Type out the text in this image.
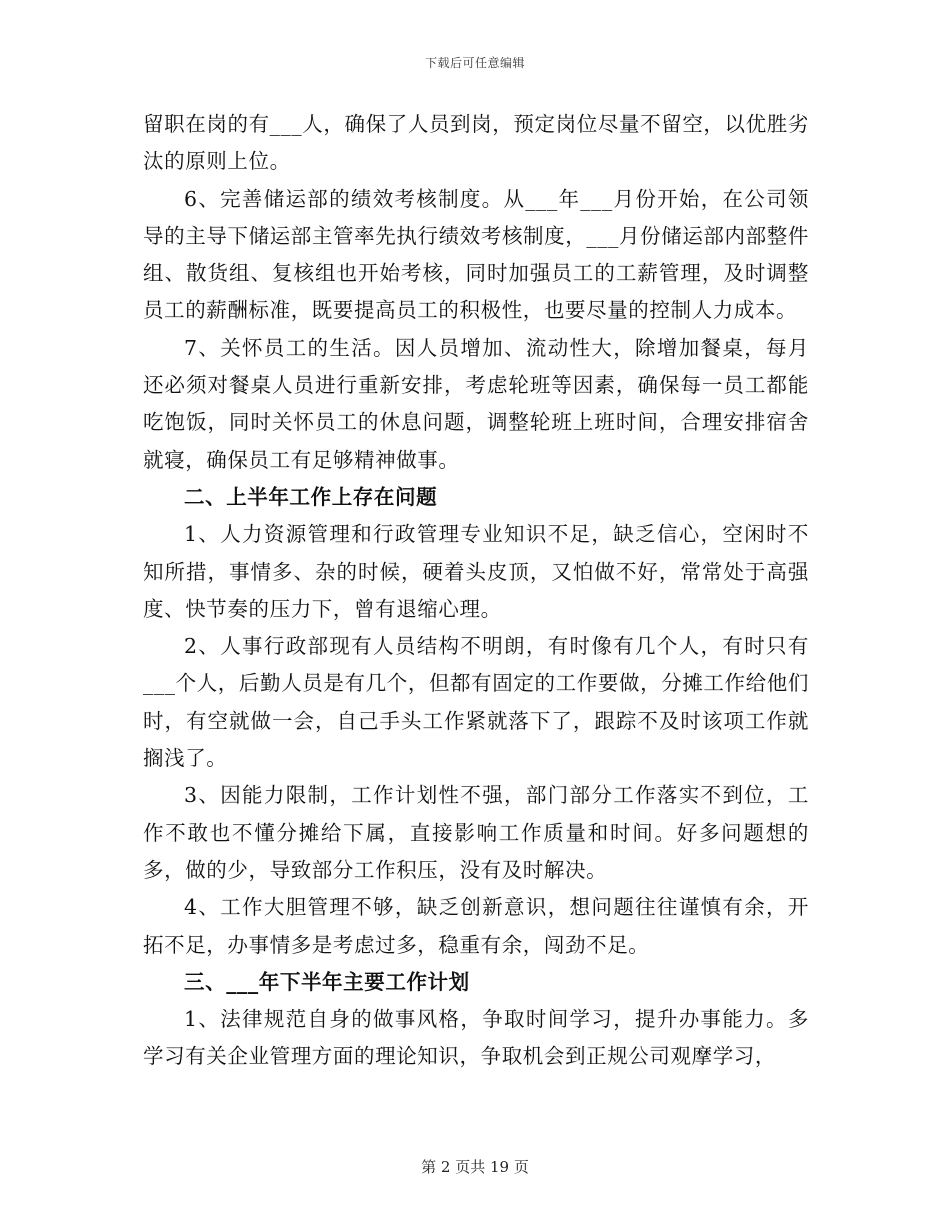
下载后可任意编辑

留职在岗的有___人，确保了人员到岗，预定岗位尽量不留空，以优胜劣汰的原则上位。

6、完善储运部的绩效考核制度。从___年___月份开始，在公司领导的主导下储运部主管率先执行绩效考核制度，___月份储运部内部整件组、散货组、复核组也开始考核，同时加强员工的工薪管理，及时调整员工的薪酬标准，既要提高员工的积极性，也要尽量的控制人力成本。

7、关怀员工的生活。因人员增加、流动性大，除增加餐桌，每月还必须对餐桌人员进行重新安排，考虑轮班等因素，确保每一员工都能吃饱饭，同时关怀员工的休息问题，调整轮班上班时间，合理安排宿舍就寝，确保员工有足够精神做事。

二、上半年工作上存在问题

1、人力资源管理和行政管理专业知识不足，缺乏信心，空闲时不知所措，事情多、杂的时候，硬着头皮顶，又怕做不好，常常处于高强度、快节奏的压力下，曾有退缩心理。

2、人事行政部现有人员结构不明朗，有时像有几个人，有时只有___个人，后勤人员是有几个，但都有固定的工作要做，分摊工作给他们时，有空就做一会，自己手头工作紧就落下了，跟踪不及时该项工作就搁浅了。

3、因能力限制，工作计划性不强，部门部分工作落实不到位，工作不敢也不懂分摊给下属，直接影响工作质量和时间。好多问题想的多，做的少，导致部分工作积压，没有及时解决。

4、工作大胆管理不够，缺乏创新意识，想问题往往谨慎有余，开拓不足，办事情多是考虑过多，稳重有余，闯劲不足。

三、___年下半年主要工作计划

1、法律规范自身的做事风格，争取时间学习，提升办事能力。多学习有关企业管理方面的理论知识，争取机会到正规公司观摩学习，

第 2 页共 19 页
